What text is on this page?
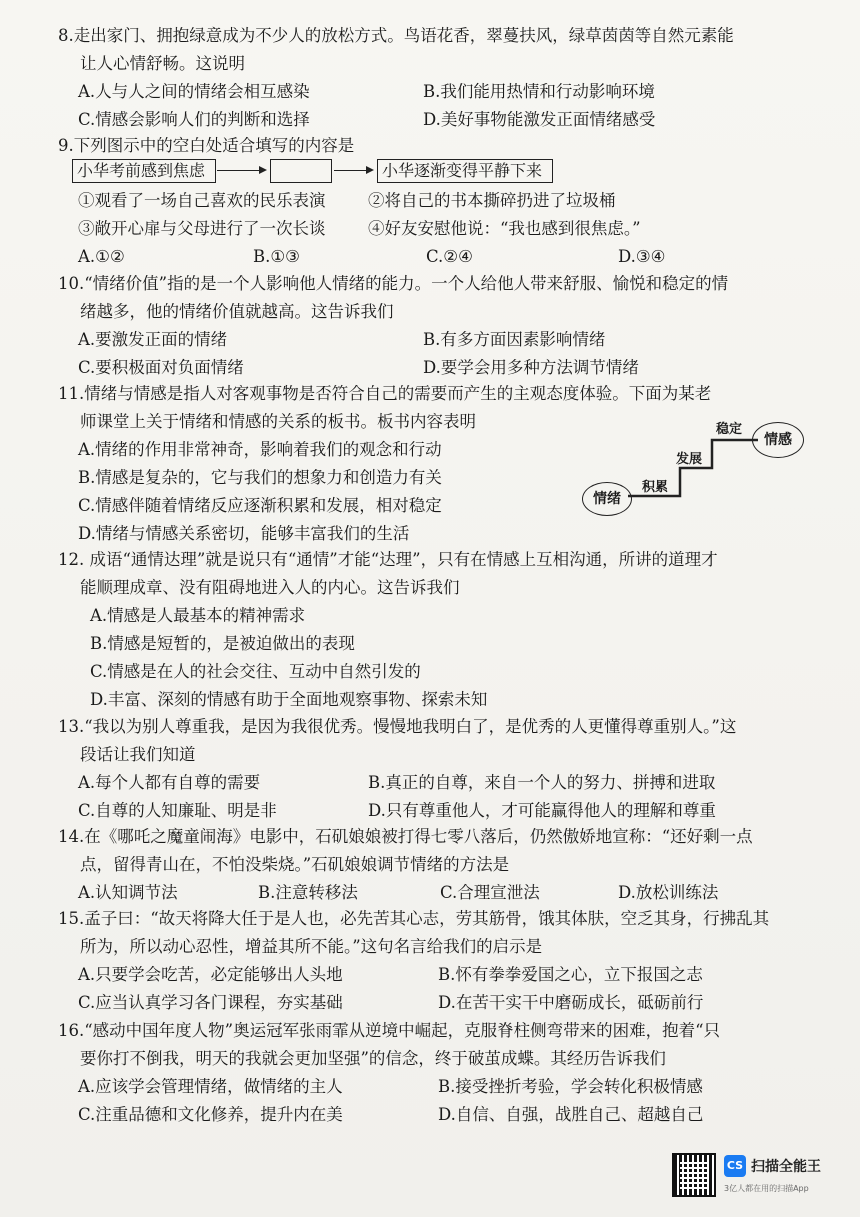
8.走出家门、拥抱绿意成为不少人的放松方式。鸟语花香，翠蔓扶风，绿草茵茵等自然元素能
让人心情舒畅。这说明
A.人与人之间的情绪会相互感染	B.我们能用热情和行动影响环境
C.情感会影响人们的判断和选择	D.美好事物能激发正面情绪感受
9.下列图示中的空白处适合填写的内容是
小华考前感到焦虑	小华逐渐变得平静下来
①观看了一场自己喜欢的民乐表演	②将自己的书本撕碎扔进了垃圾桶
③敞开心扉与父母进行了一次长谈	④好友安慰他说：“我也感到很焦虑。”
A.①②	B.①③	C.②④	D.③④
10.“情绪价值”指的是一个人影响他人情绪的能力。一个人给他人带来舒服、愉悦和稳定的情
绪越多，他的情绪价值就越高。这告诉我们
A.要激发正面的情绪	B.有多方面因素影响情绪
C.要积极面对负面情绪	D.要学会用多种方法调节情绪
11.情绪与情感是指人对客观事物是否符合自己的需要而产生的主观态度体验。下面为某老
师课堂上关于情绪和情感的关系的板书。板书内容表明
A.情绪的作用非常神奇，影响着我们的观念和行动
B.情感是复杂的，它与我们的想象力和创造力有关
C.情感伴随着情绪反应逐渐积累和发展，相对稳定
D.情绪与情感关系密切，能够丰富我们的生活
情绪
积累
发展
稳定
情感
12. 成语“通情达理”就是说只有“通情”才能“达理”，只有在情感上互相沟通，所讲的道理才
能顺理成章、没有阻碍地进入人的内心。这告诉我们
A.情感是人最基本的精神需求
B.情感是短暂的，是被迫做出的表现
C.情感是在人的社会交往、互动中自然引发的
D.丰富、深刻的情感有助于全面地观察事物、探索未知
13.“我以为别人尊重我，是因为我很优秀。慢慢地我明白了，是优秀的人更懂得尊重别人。”这
段话让我们知道
A.每个人都有自尊的需要	B.真正的自尊，来自一个人的努力、拼搏和进取
C.自尊的人知廉耻、明是非	D.只有尊重他人，才可能赢得他人的理解和尊重
14.在《哪吒之魔童闹海》电影中，石矶娘娘被打得七零八落后，仍然傲娇地宣称：“还好剩一点
点，留得青山在，不怕没柴烧。”石矶娘娘调节情绪的方法是
A.认知调节法	B.注意转移法	C.合理宣泄法	D.放松训练法
15.孟子曰：“故天将降大任于是人也，必先苦其心志，劳其筋骨，饿其体肤，空乏其身，行拂乱其
所为，所以动心忍性，增益其所不能。”这句名言给我们的启示是
A.只要学会吃苦，必定能够出人头地	B.怀有拳拳爱国之心，立下报国之志
C.应当认真学习各门课程，夯实基础	D.在苦干实干中磨砺成长，砥砺前行
16.“感动中国年度人物”奥运冠军张雨霏从逆境中崛起，克服脊柱侧弯带来的困难，抱着“只
要你打不倒我，明天的我就会更加坚强”的信念，终于破茧成蝶。其经历告诉我们
A.应该学会管理情绪，做情绪的主人	B.接受挫折考验，学会转化积极情感
C.注重品德和文化修养，提升内在美	D.自信、自强，战胜自己、超越自己
CS 扫描全能王
3亿人都在用的扫描App
